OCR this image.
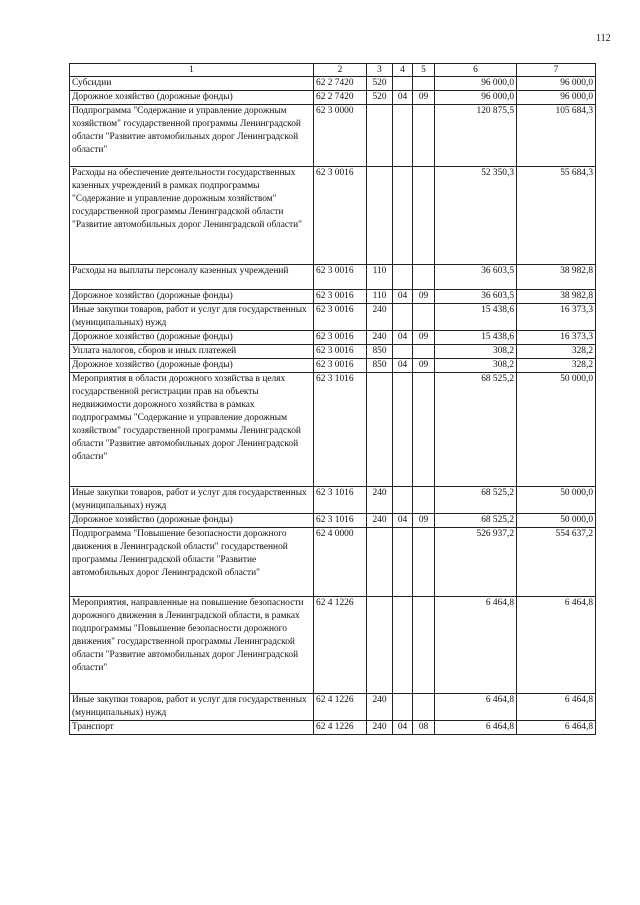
112
1	2	3	4	5	6	7
Субсидии	62 2 7420	520			96 000,0	96 000,0
Дорожное хозяйство (дорожные фонды)	62 2 7420	520	04	09	96 000,0	96 000,0
Подпрограмма "Содержание и управление дорожным хозяйством" государственной программы Ленинградской области "Развитие автомобильных дорог Ленинградской области"	62 3 0000				120 875,5	105 684,3
Расходы на обеспечение деятельности государственных казенных учреждений в рамках подпрограммы "Содержание и управление дорожным хозяйством" государственной программы Ленинградской области "Развитие автомобильных дорог Ленинградской области"	62 3 0016				52 350,3	55 684,3
Расходы на выплаты персоналу казенных учреждений	62 3 0016	110			36 603,5	38 982,8
Дорожное хозяйство (дорожные фонды)	62 3 0016	110	04	09	36 603,5	38 982,8
Иные закупки товаров, работ и услуг для государственных (муниципальных) нужд	62 3 0016	240			15 438,6	16 373,3
Дорожное хозяйство (дорожные фонды)	62 3 0016	240	04	09	15 438,6	16 373,3
Уплата налогов, сборов и иных платежей	62 3 0016	850			308,2	328,2
Дорожное хозяйство (дорожные фонды)	62 3 0016	850	04	09	308,2	328,2
Мероприятия в области дорожного хозяйства в целях государственной регистрации прав на объекты недвижимости дорожного хозяйства в рамках подпрограммы "Содержание и управление дорожным хозяйством" государственной программы Ленинградской области "Развитие автомобильных дорог Ленинградской области"	62 3 1016				68 525,2	50 000,0
Иные закупки товаров, работ и услуг для государственных (муниципальных) нужд	62 3 1016	240			68 525,2	50 000,0
Дорожное хозяйство (дорожные фонды)	62 3 1016	240	04	09	68 525,2	50 000,0
Подпрограмма "Повышение безопасности дорожного движения в Ленинградской области" государственной программы Ленинградской области "Развитие автомобильных дорог Ленинградской области"	62 4 0000				526 937,2	554 637,2
Мероприятия, направленные на повышение безопасности дорожного движения в Ленинградской области, в рамках подпрограммы "Повышение безопасности дорожного движения" государственной программы Ленинградской области "Развитие автомобильных дорог Ленинградской области"	62 4 1226				6 464,8	6 464,8
Иные закупки товаров, работ и услуг для государственных (муниципальных) нужд	62 4 1226	240			6 464,8	6 464,8
Транспорт	62 4 1226	240	04	08	6 464,8	6 464,8
